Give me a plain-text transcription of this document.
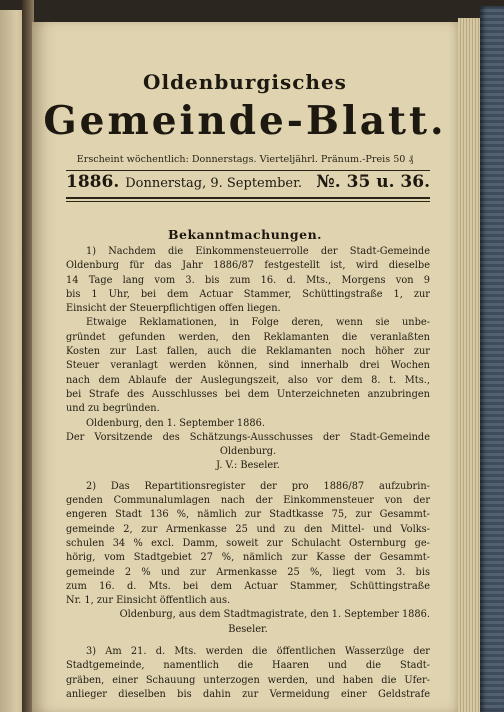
Oldenburgisches
Gemeinde-Blatt.
Erscheint wöchentlich: Donnerstags. Vierteljährl. Pränum.-Preis 50 ₰
1886. Donnerstag, 9. September. №. 35 u. 36.
Bekanntmachungen.

1) Nachdem die Einkommensteuerrolle der Stadt-Gemeinde

Oldenburg für das Jahr 1886/87 festgestellt ist, wird dieselbe

14 Tage lang vom 3. bis zum 16. d. Mts., Morgens von 9

bis 1 Uhr, bei dem Actuar Stammer, Schüttingstraße 1, zur

Einsicht der Steuerpflichtigen offen liegen.

Etwaige Reklamationen, in Folge deren, wenn sie unbe-

gründet gefunden werden, den Reklamanten die veranlaßten

Kosten zur Last fallen, auch die Reklamanten noch höher zur

Steuer veranlagt werden können, sind innerhalb drei Wochen

nach dem Ablaufe der Auslegungszeit, also vor dem 8. t. Mts.,

bei Strafe des Ausschlusses bei dem Unterzeichneten anzubringen

und zu begründen.

Oldenburg, den 1. September 1886.

Der Vorsitzende des Schätzungs-Ausschusses der Stadt-Gemeinde

Oldenburg.

J. V.: Beseler.

2) Das Repartitionsregister der pro 1886/87 aufzubrin-

genden Communalumlagen nach der Einkommensteuer von der

engeren Stadt 136 %, nämlich zur Stadtkasse 75, zur Gesammt-

gemeinde 2, zur Armenkasse 25 und zu den Mittel- und Volks-

schulen 34 % excl. Damm, soweit zur Schulacht Osternburg ge-

hörig, vom Stadtgebiet 27 %, nämlich zur Kasse der Gesammt-

gemeinde 2 % und zur Armenkasse 25 %, liegt vom 3. bis

zum 16. d. Mts. bei dem Actuar Stammer, Schüttingstraße

Nr. 1, zur Einsicht öffentlich aus.

Oldenburg, aus dem Stadtmagistrate, den 1. September 1886.

Beseler.

3) Am 21. d. Mts. werden die öffentlichen Wasserzüge der

Stadtgemeinde, namentlich die Haaren und die Stadt-

gräben, einer Schauung unterzogen werden, und haben die Ufer-

anlieger dieselben bis dahin zur Vermeidung einer Geldstrafe
